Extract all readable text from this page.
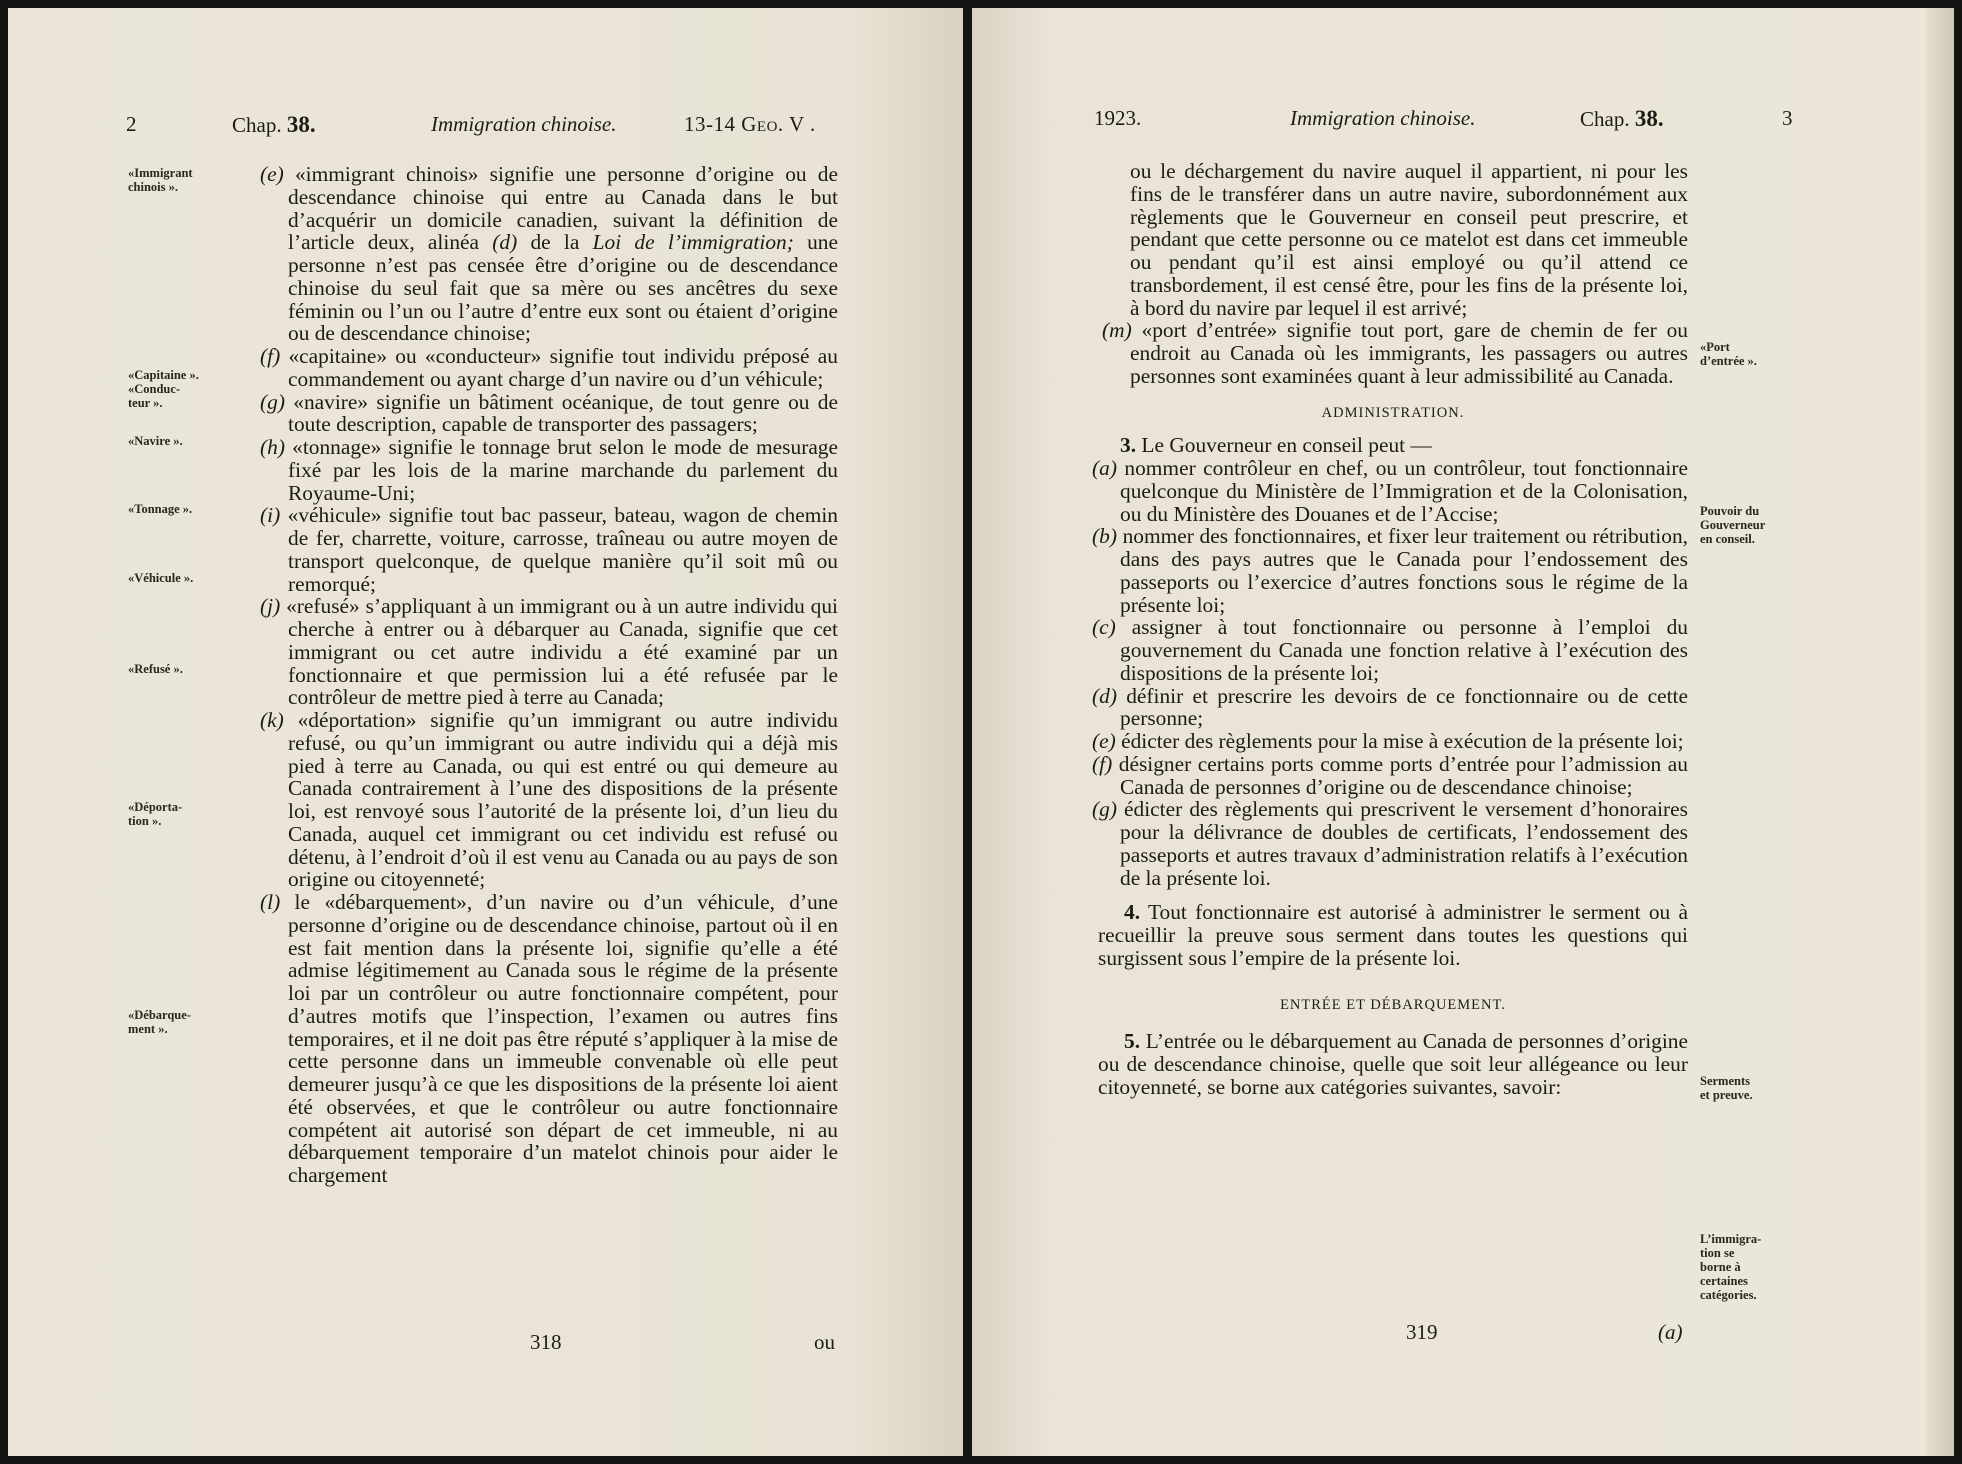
2	Chap. 38.	Immigration chinoise.	13-14 Geo. V .
«Immigrant
chinois ».
«Capitaine ».
«Conduc-
teur ».
«Navire ».
«Tonnage ».
«Véhicule ».
«Refusé ».
«Déporta-
tion ».
«Débarque-
ment ».

(e) «immigrant chinois» signifie une personne d’origine ou de descendance chinoise qui entre au Canada dans le but d’acquérir un domicile canadien, suivant la définition de l’article deux, alinéa (d) de la Loi de l’immigration; une personne n’est pas censée être d’origine ou de descendance chinoise du seul fait que sa mère ou ses ancêtres du sexe féminin ou l’un ou l’autre d’entre eux sont ou étaient d’origine ou de descendance chinoise;

(f) «capitaine» ou «conducteur» signifie tout individu préposé au commandement ou ayant charge d’un navire ou d’un véhicule;

(g) «navire» signifie un bâtiment océanique, de tout genre ou de toute description, capable de transporter des passagers;

(h) «tonnage» signifie le tonnage brut selon le mode de mesurage fixé par les lois de la marine marchande du parlement du Royaume-Uni;

(i) «véhicule» signifie tout bac passeur, bateau, wagon de chemin de fer, charrette, voiture, carrosse, traîneau ou autre moyen de transport quelconque, de quelque manière qu’il soit mû ou remorqué;

(j) «refusé» s’appliquant à un immigrant ou à un autre individu qui cherche à entrer ou à débarquer au Canada, signifie que cet immigrant ou cet autre individu a été examiné par un fonctionnaire et que permission lui a été refusée par le contrôleur de mettre pied à terre au Canada;

(k) «déportation» signifie qu’un immigrant ou autre individu refusé, ou qu’un immigrant ou autre individu qui a déjà mis pied à terre au Canada, ou qui est entré ou qui demeure au Canada contrairement à l’une des dispositions de la présente loi, est renvoyé sous l’autorité de la présente loi, d’un lieu du Canada, auquel cet immigrant ou cet individu est refusé ou détenu, à l’endroit d’où il est venu au Canada ou au pays de son origine ou citoyenneté;

(l) le «débarquement», d’un navire ou d’un véhicule, d’une personne d’origine ou de descendance chinoise, partout où il en est fait mention dans la présente loi, signifie qu’elle a été admise légitimement au Canada sous le régime de la présente loi par un contrôleur ou autre fonctionnaire compétent, pour d’autres motifs que l’inspection, l’examen ou autres fins temporaires, et il ne doit pas être réputé s’appliquer à la mise de cette personne dans un immeuble convenable où elle peut demeurer jusqu’à ce que les dispositions de la présente loi aient été observées, et que le contrôleur ou autre fonctionnaire compétent ait autorisé son départ de cet immeuble, ni au débarquement temporaire d’un matelot chinois pour aider le chargement

318	ou
1923.	Immigration chinoise.	Chap. 38.	3
«Port
d’entrée ».
Pouvoir du
Gouverneur
en conseil.
Serments
et preuve.
L’immigra-
tion se
borne à
certaines
catégories.

ou le déchargement du navire auquel il appartient, ni pour les fins de le transférer dans un autre navire, subordonnément aux règlements que le Gouverneur en conseil peut prescrire, et pendant que cette personne ou ce matelot est dans cet immeuble ou pendant qu’il est ainsi employé ou qu’il attend ce transbordement, il est censé être, pour les fins de la présente loi, à bord du navire par lequel il est arrivé;

(m) «port d’entrée» signifie tout port, gare de chemin de fer ou endroit au Canada où les immigrants, les passagers ou autres personnes sont examinées quant à leur admissibilité au Canada.

ADMINISTRATION.

3. Le Gouverneur en conseil peut —

(a) nommer contrôleur en chef, ou un contrôleur, tout fonctionnaire quelconque du Ministère de l’Immigration et de la Colonisation, ou du Ministère des Douanes et de l’Accise;

(b) nommer des fonctionnaires, et fixer leur traitement ou rétribution, dans des pays autres que le Canada pour l’endossement des passeports ou l’exercice d’autres fonctions sous le régime de la présente loi;

(c) assigner à tout fonctionnaire ou personne à l’emploi du gouvernement du Canada une fonction relative à l’exécution des dispositions de la présente loi;

(d) définir et prescrire les devoirs de ce fonctionnaire ou de cette personne;

(e) édicter des règlements pour la mise à exécution de la présente loi;

(f) désigner certains ports comme ports d’entrée pour l’admission au Canada de personnes d’origine ou de descendance chinoise;

(g) édicter des règlements qui prescrivent le versement d’honoraires pour la délivrance de doubles de certificats, l’endossement des passeports et autres travaux d’administration relatifs à l’exécution de la présente loi.

4. Tout fonctionnaire est autorisé à administrer le serment ou à recueillir la preuve sous serment dans toutes les questions qui surgissent sous l’empire de la présente loi.

ENTRÉE ET DÉBARQUEMENT.

5. L’entrée ou le débarquement au Canada de personnes d’origine ou de descendance chinoise, quelle que soit leur allégeance ou leur citoyenneté, se borne aux catégories suivantes, savoir:

319	(a)
